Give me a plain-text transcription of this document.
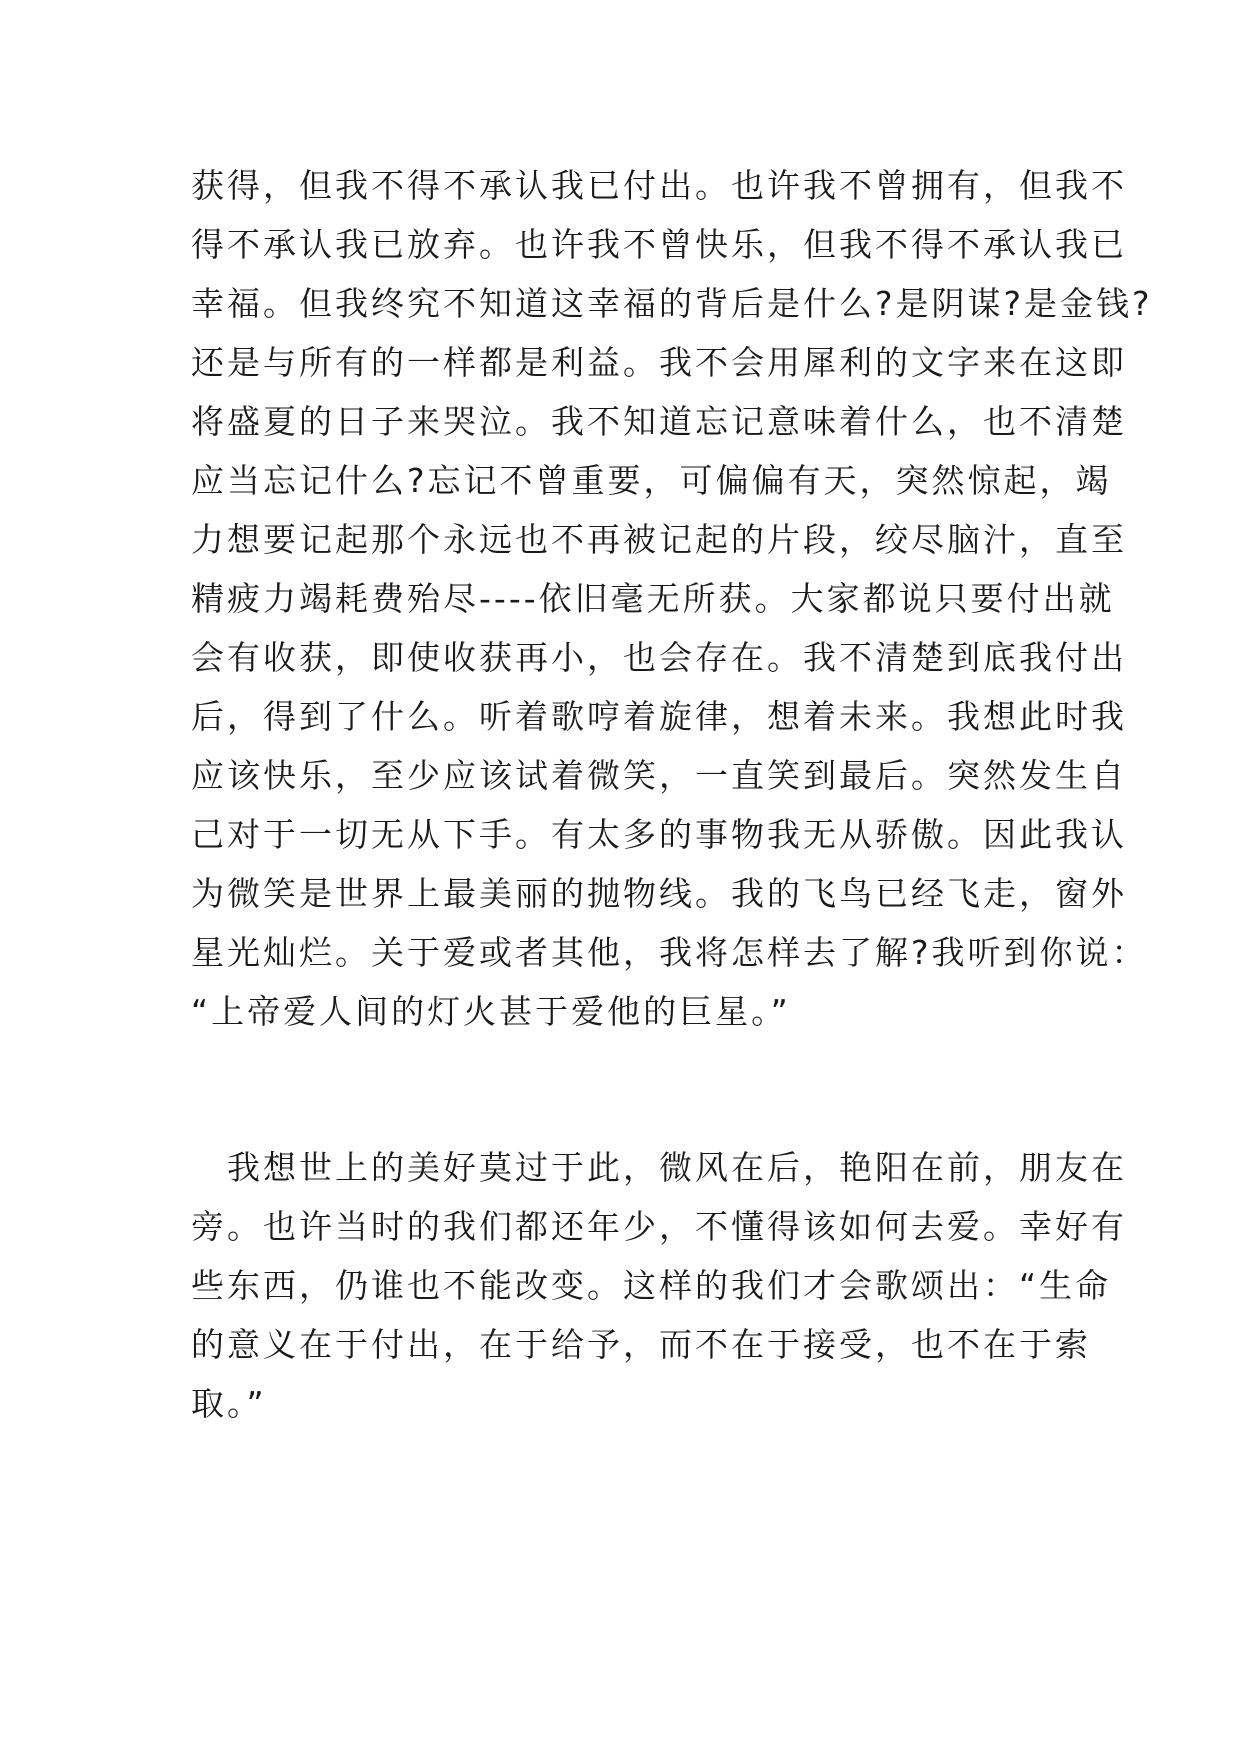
获得，但我不得不承认我已付出。也许我不曾拥有，但我不
得不承认我已放弃。也许我不曾快乐，但我不得不承认我已
幸福。但我终究不知道这幸福的背后是什么?是阴谋?是金钱?
还是与所有的一样都是利益。我不会用犀利的文字来在这即
将盛夏的日子来哭泣。我不知道忘记意味着什么，也不清楚
应当忘记什么?忘记不曾重要，可偏偏有天，突然惊起，竭
力想要记起那个永远也不再被记起的片段，绞尽脑汁，直至
精疲力竭耗费殆尽----依旧毫无所获。大家都说只要付出就
会有收获，即使收获再小，也会存在。我不清楚到底我付出
后，得到了什么。听着歌哼着旋律，想着未来。我想此时我
应该快乐，至少应该试着微笑，一直笑到最后。突然发生自
己对于一切无从下手。有太多的事物我无从骄傲。因此我认
为微笑是世界上最美丽的抛物线。我的飞鸟已经飞走，窗外
星光灿烂。关于爱或者其他，我将怎样去了解?我听到你说：
“上帝爱人间的灯火甚于爱他的巨星。”
　我想世上的美好莫过于此，微风在后，艳阳在前，朋友在
旁。也许当时的我们都还年少，不懂得该如何去爱。幸好有
些东西，仍谁也不能改变。这样的我们才会歌颂出：“生命
的意义在于付出，在于给予，而不在于接受，也不在于索
取。”
